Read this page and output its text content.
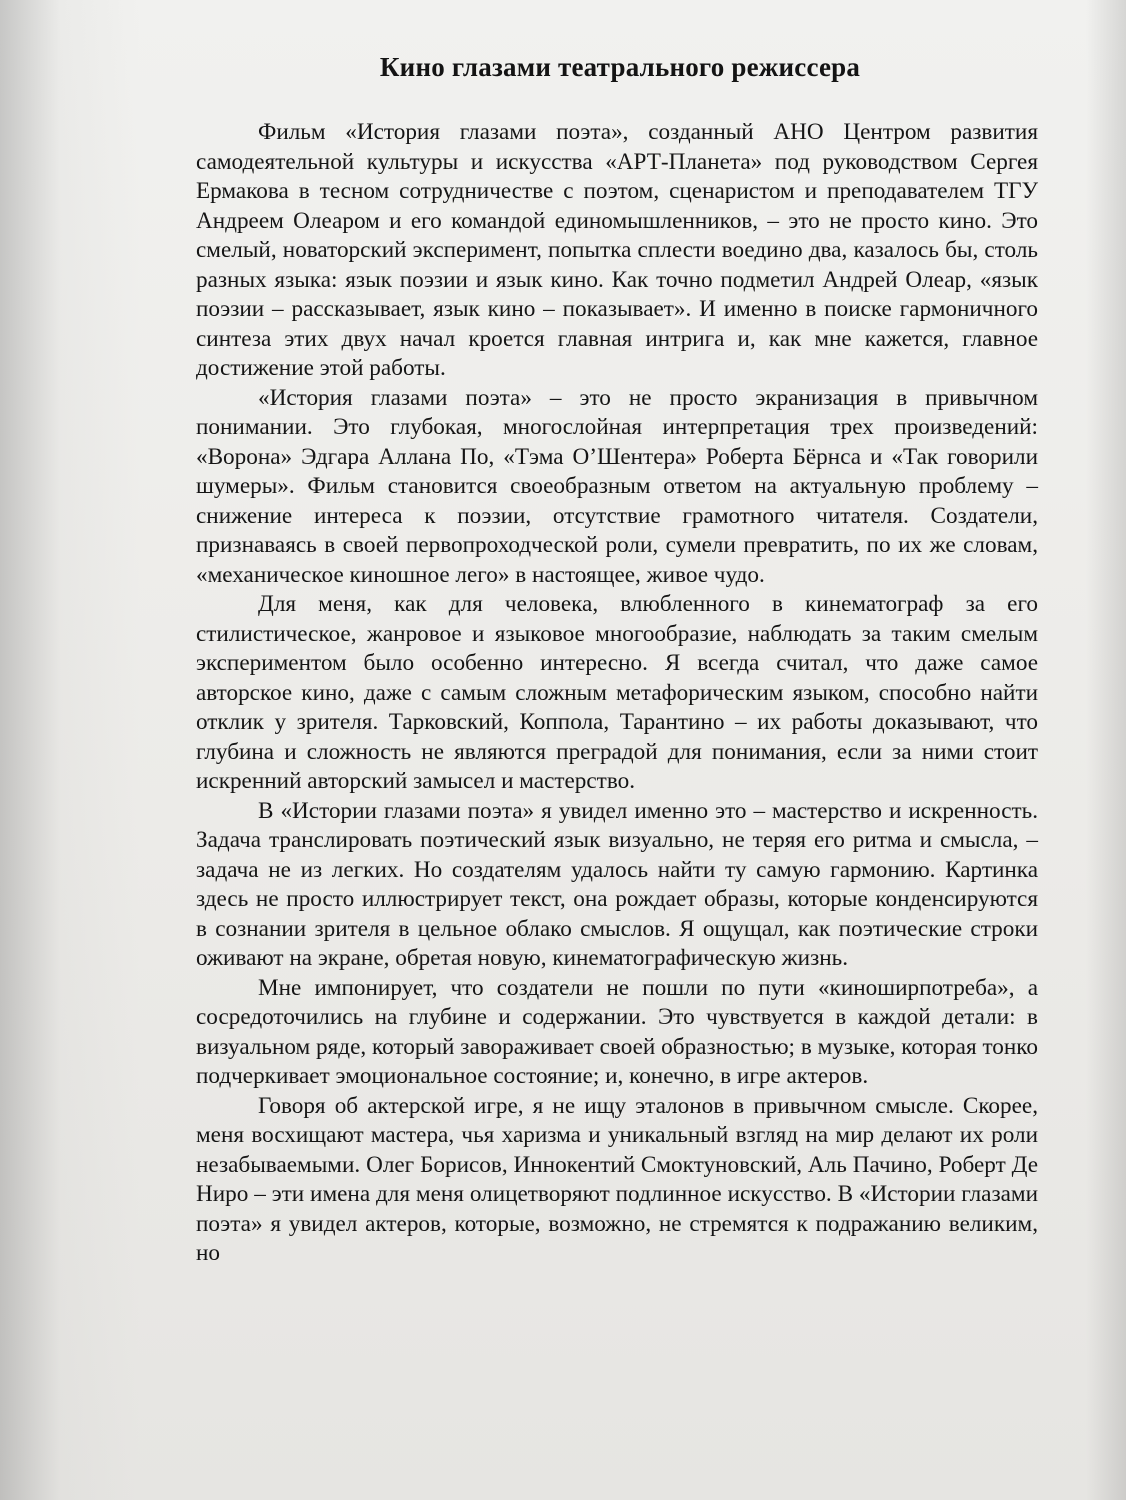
Кино глазами театрального режиссера

Фильм «История глазами поэта», созданный АНО Центром развития самодеятельной культуры и искусства «АРТ-Планета» под руководством Сергея Ермакова в тесном сотрудничестве с поэтом, сценаристом и преподавателем ТГУ Андреем Олеаром и его командой единомышленников, – это не просто кино. Это смелый, новаторский эксперимент, попытка сплести воедино два, казалось бы, столь разных языка: язык поэзии и язык кино. Как точно подметил Андрей Олеар, «язык поэзии – рассказывает, язык кино – показывает». И именно в поиске гармоничного синтеза этих двух начал кроется главная интрига и, как мне кажется, главное достижение этой работы.

«История глазами поэта» – это не просто экранизация в привычном понимании. Это глубокая, многослойная интерпретация трех произведений: «Ворона» Эдгара Аллана По, «Тэма О’Шентера» Роберта Бёрнса и «Так говорили шумеры». Фильм становится своеобразным ответом на актуальную проблему – снижение интереса к поэзии, отсутствие грамотного читателя. Создатели, признаваясь в своей первопроходческой роли, сумели превратить, по их же словам, «механическое киношное лего» в настоящее, живое чудо.

Для меня, как для человека, влюбленного в кинематограф за его стилистическое, жанровое и языковое многообразие, наблюдать за таким смелым экспериментом было особенно интересно. Я всегда считал, что даже самое авторское кино, даже с самым сложным метафорическим языком, способно найти отклик у зрителя. Тарковский, Коппола, Тарантино – их работы доказывают, что глубина и сложность не являются преградой для понимания, если за ними стоит искренний авторский замысел и мастерство.

В «Истории глазами поэта» я увидел именно это – мастерство и искренность. Задача транслировать поэтический язык визуально, не теряя его ритма и смысла, – задача не из легких. Но создателям удалось найти ту самую гармонию. Картинка здесь не просто иллюстрирует текст, она рождает образы, которые конденсируются в сознании зрителя в цельное облако смыслов. Я ощущал, как поэтические строки оживают на экране, обретая новую, кинематографическую жизнь.

Мне импонирует, что создатели не пошли по пути «киноширпотреба», а сосредоточились на глубине и содержании. Это чувствуется в каждой детали: в визуальном ряде, который завораживает своей образностью; в музыке, которая тонко подчеркивает эмоциональное состояние; и, конечно, в игре актеров.

Говоря об актерской игре, я не ищу эталонов в привычном смысле. Скорее, меня восхищают мастера, чья харизма и уникальный взгляд на мир делают их роли незабываемыми. Олег Борисов, Иннокентий Смоктуновский, Аль Пачино, Роберт Де Ниро – эти имена для меня олицетворяют подлинное искусство. В «Истории глазами поэта» я увидел актеров, которые, возможно, не стремятся к подражанию великим, но
